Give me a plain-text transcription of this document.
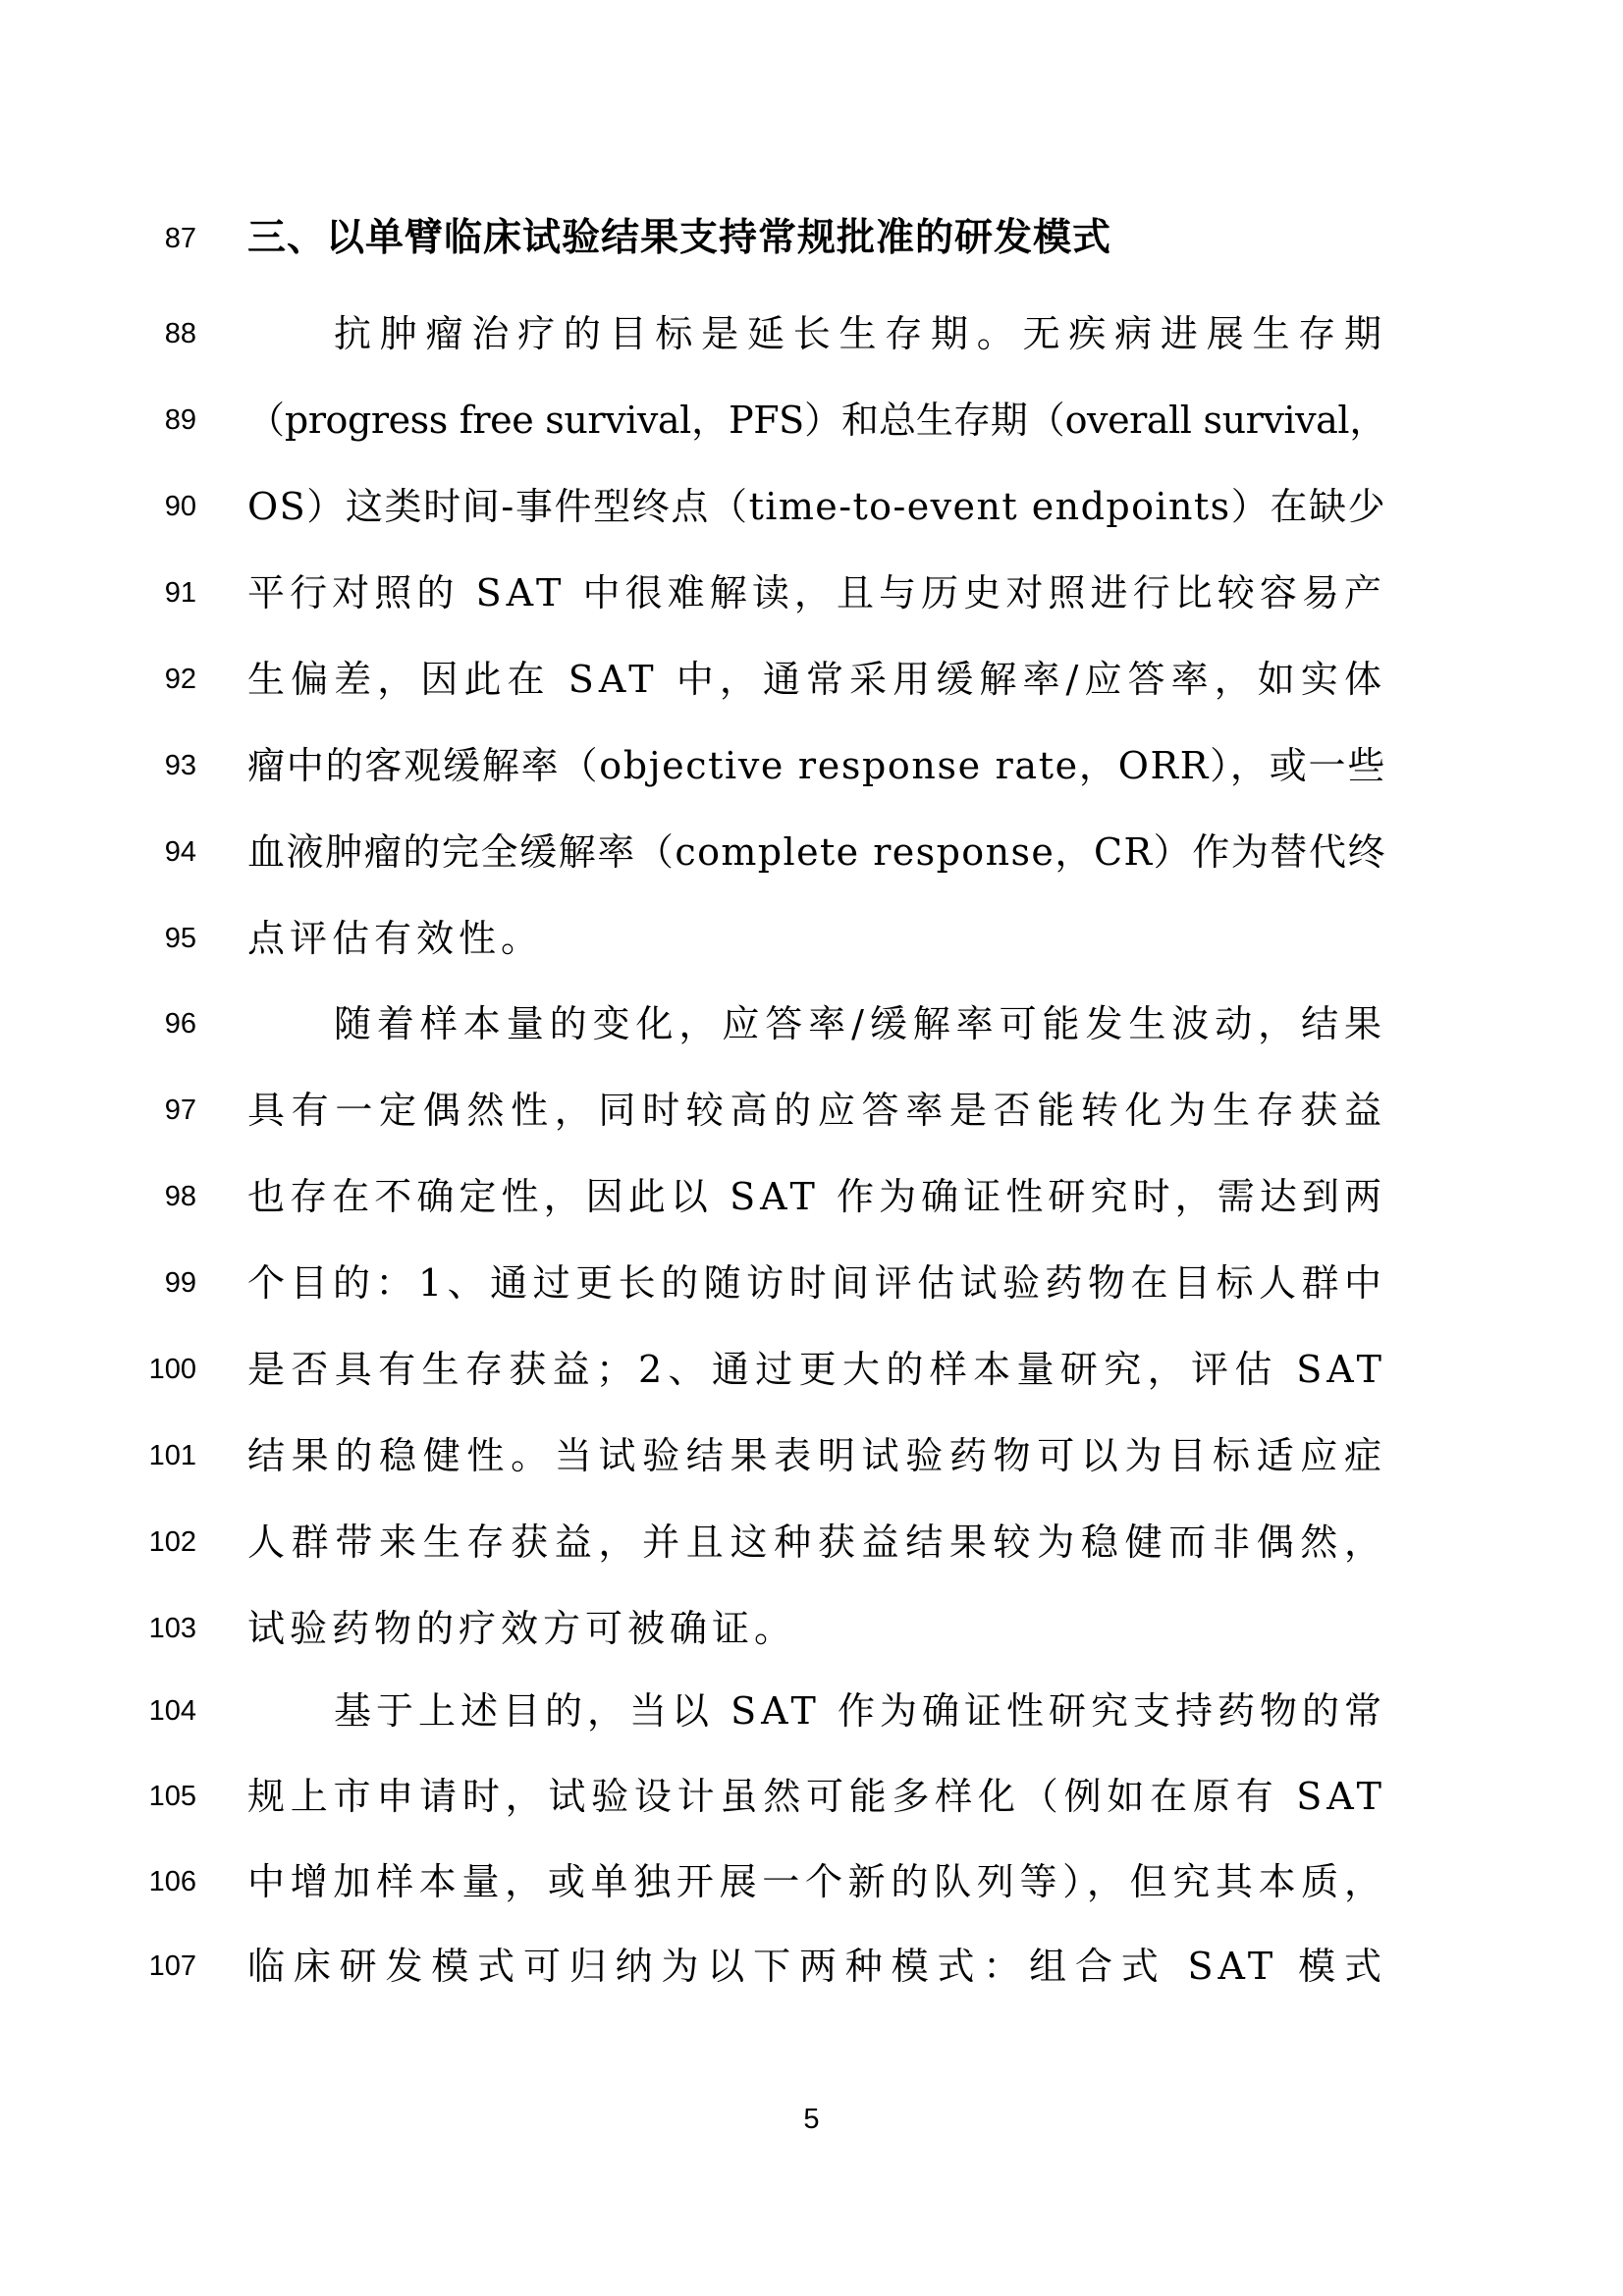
87 三、以单臂临床试验结果支持常规批准的研发模式
88	抗肿瘤治疗的目标是延长生存期。无疾病进展生存期
89 （progress free survival，PFS）和总生存期（overall survival，
90 OS）这类时间-事件型终点（time-to-event endpoints）在缺少
91 平行对照的 SAT 中很难解读，且与历史对照进行比较容易产
92 生偏差，因此在 SAT 中，通常采用缓解率/应答率，如实体
93 瘤中的客观缓解率（objective response rate，ORR），或一些
94 血液肿瘤的完全缓解率（complete response，CR）作为替代终
95 点评估有效性。
96	随着样本量的变化，应答率/缓解率可能发生波动，结果
97 具有一定偶然性，同时较高的应答率是否能转化为生存获益
98 也存在不确定性，因此以 SAT 作为确证性研究时，需达到两
99 个目的：1、通过更长的随访时间评估试验药物在目标人群中
100 是否具有生存获益；2、通过更大的样本量研究，评估 SAT
101 结果的稳健性。当试验结果表明试验药物可以为目标适应症
102 人群带来生存获益，并且这种获益结果较为稳健而非偶然，
103 试验药物的疗效方可被确证。
104	基于上述目的，当以 SAT 作为确证性研究支持药物的常
105 规上市申请时，试验设计虽然可能多样化（例如在原有 SAT
106 中增加样本量，或单独开展一个新的队列等），但究其本质，
107 临床研发模式可归纳为以下两种模式：组合式 SAT 模式
5
